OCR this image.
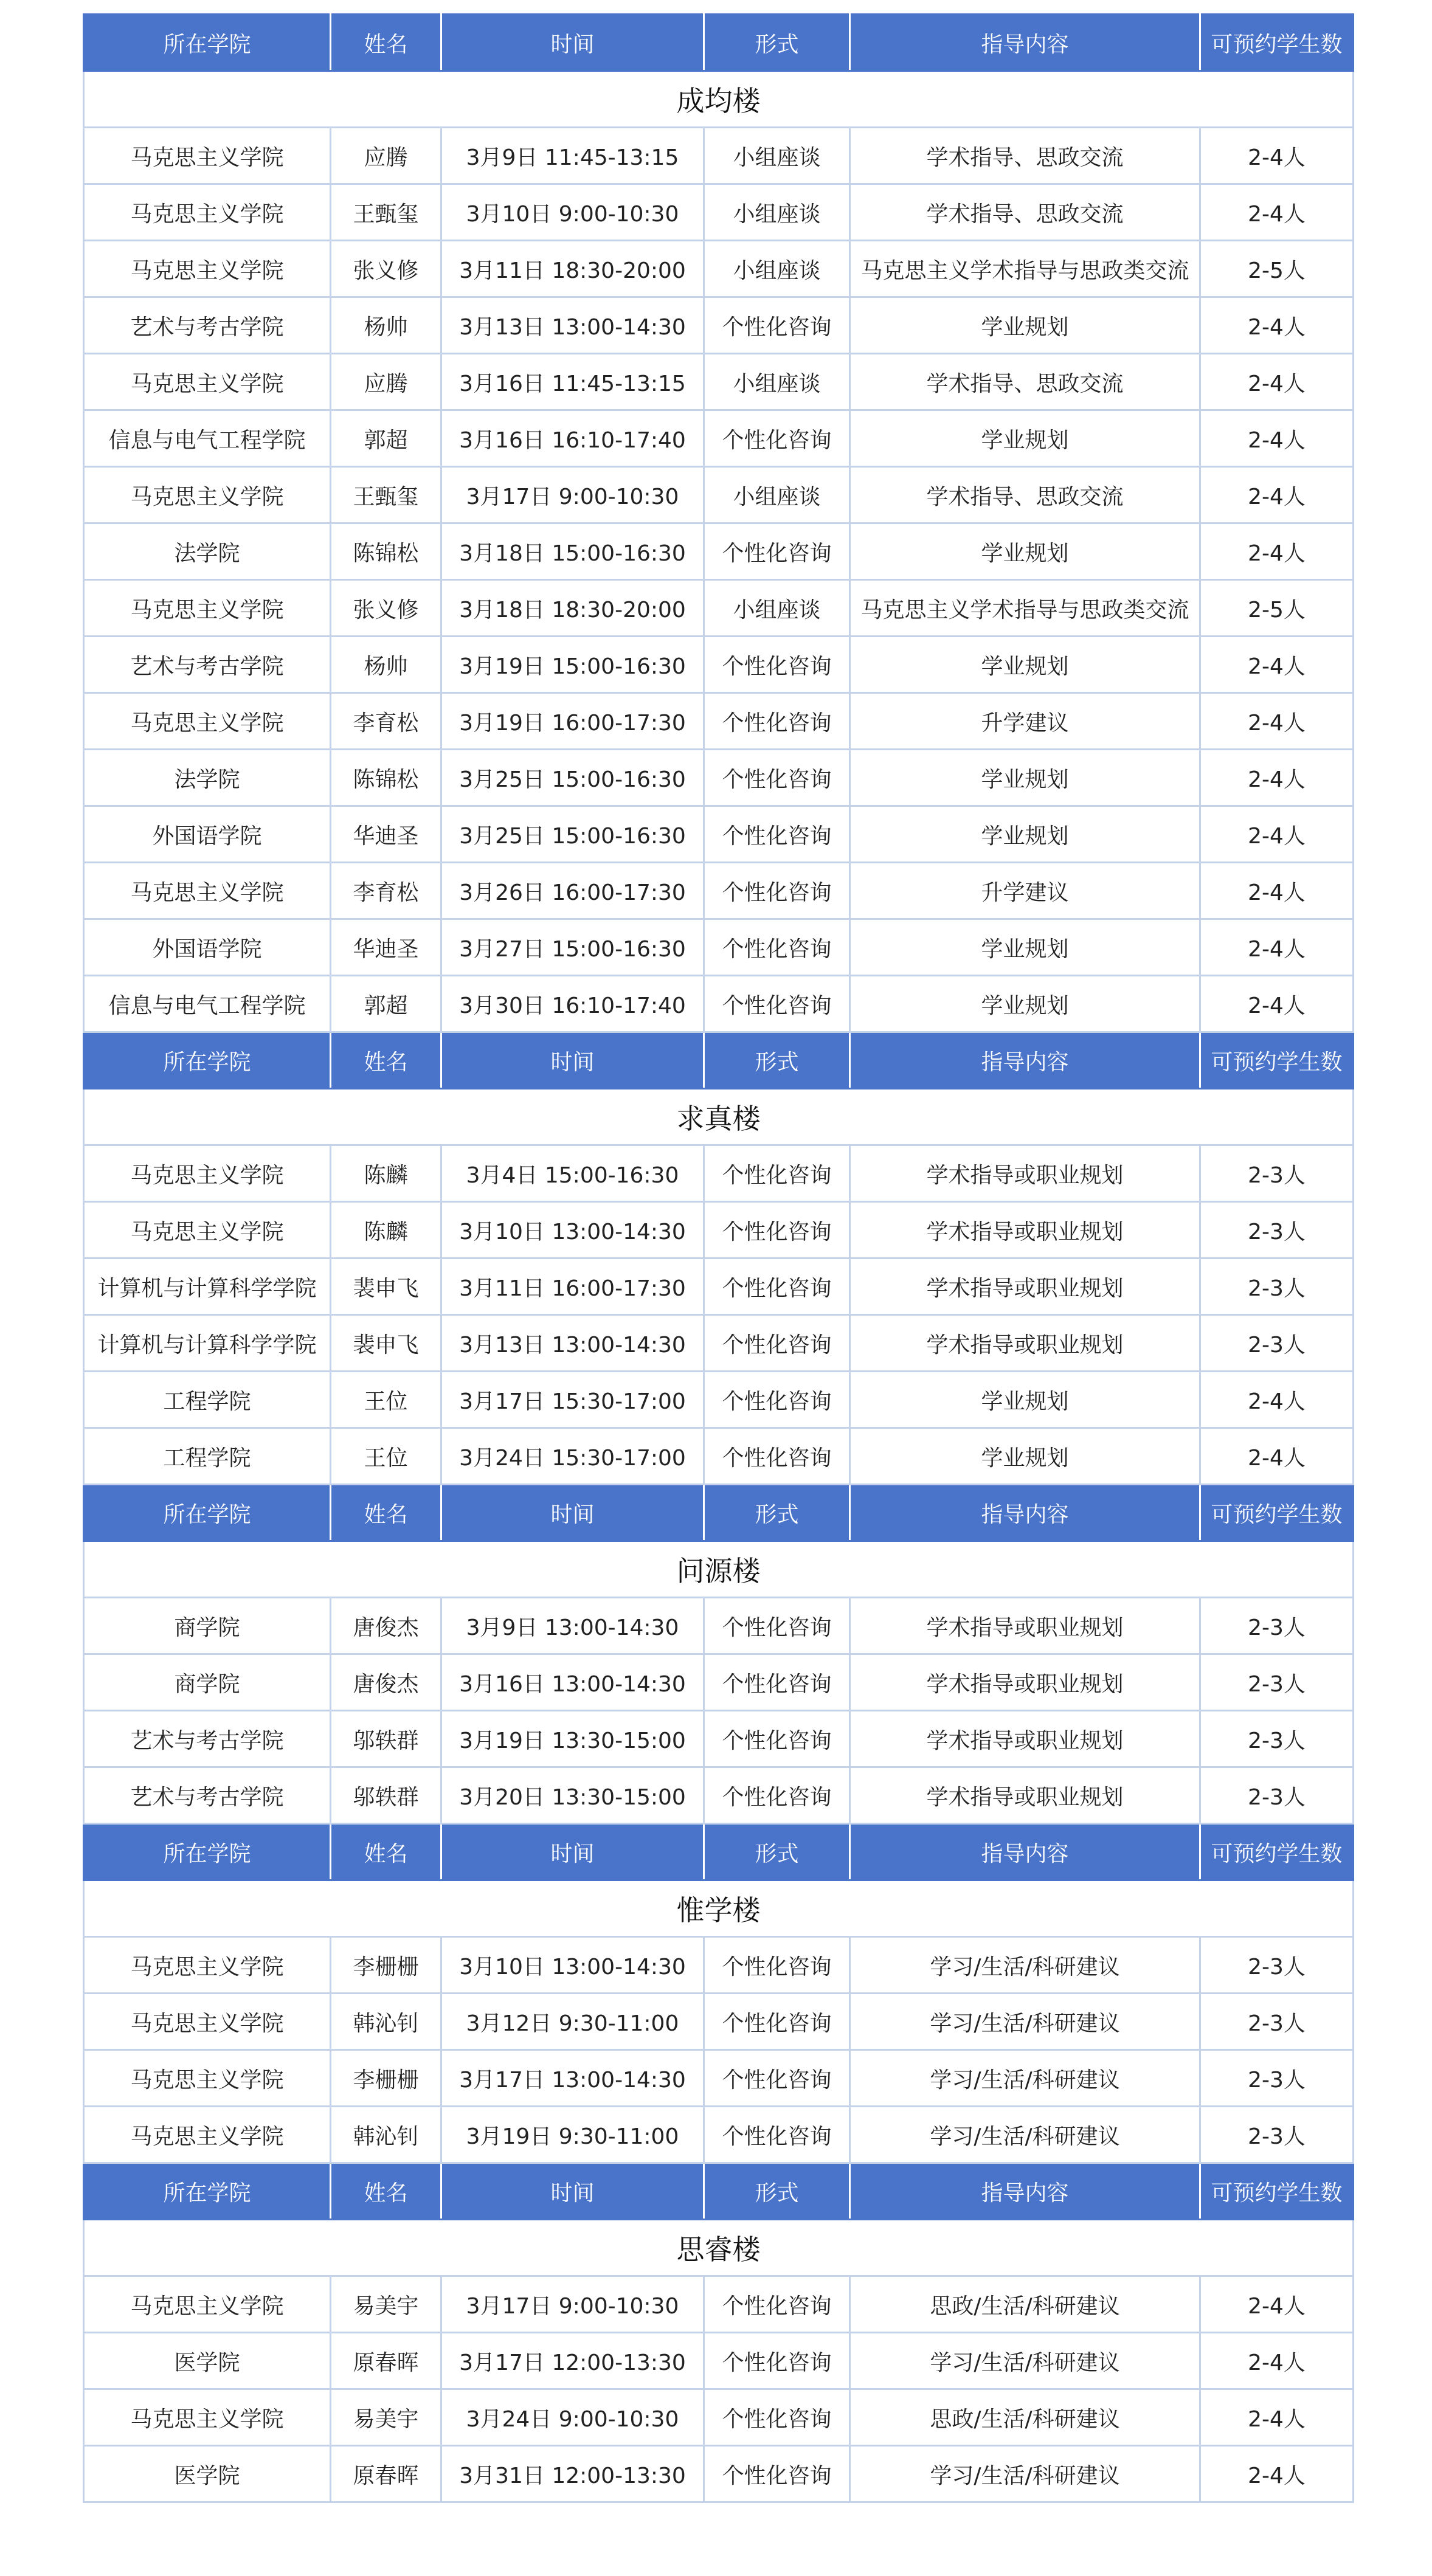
所在学院	姓名	时间	形式	指导内容	可预约学生数
成均楼					
马克思主义学院	应腾	3月9日 11:45-13:15	小组座谈	学术指导、思政交流	2-4人
马克思主义学院	王甄玺	3月10日 9:00-10:30	小组座谈	学术指导、思政交流	2-4人
马克思主义学院	张义修	3月11日 18:30-20:00	小组座谈	马克思主义学术指导与思政类交流	2-5人
艺术与考古学院	杨帅	3月13日 13:00-14:30	个性化咨询	学业规划	2-4人
马克思主义学院	应腾	3月16日 11:45-13:15	小组座谈	学术指导、思政交流	2-4人
信息与电气工程学院	郭超	3月16日 16:10-17:40	个性化咨询	学业规划	2-4人
马克思主义学院	王甄玺	3月17日 9:00-10:30	小组座谈	学术指导、思政交流	2-4人
法学院	陈锦松	3月18日 15:00-16:30	个性化咨询	学业规划	2-4人
马克思主义学院	张义修	3月18日 18:30-20:00	小组座谈	马克思主义学术指导与思政类交流	2-5人
艺术与考古学院	杨帅	3月19日 15:00-16:30	个性化咨询	学业规划	2-4人
马克思主义学院	李育松	3月19日 16:00-17:30	个性化咨询	升学建议	2-4人
法学院	陈锦松	3月25日 15:00-16:30	个性化咨询	学业规划	2-4人
外国语学院	华迪圣	3月25日 15:00-16:30	个性化咨询	学业规划	2-4人
马克思主义学院	李育松	3月26日 16:00-17:30	个性化咨询	升学建议	2-4人
外国语学院	华迪圣	3月27日 15:00-16:30	个性化咨询	学业规划	2-4人
信息与电气工程学院	郭超	3月30日 16:10-17:40	个性化咨询	学业规划	2-4人
所在学院	姓名	时间	形式	指导内容	可预约学生数
求真楼					
马克思主义学院	陈麟	3月4日 15:00-16:30	个性化咨询	学术指导或职业规划	2-3人
马克思主义学院	陈麟	3月10日 13:00-14:30	个性化咨询	学术指导或职业规划	2-3人
计算机与计算科学学院	裴申飞	3月11日 16:00-17:30	个性化咨询	学术指导或职业规划	2-3人
计算机与计算科学学院	裴申飞	3月13日 13:00-14:30	个性化咨询	学术指导或职业规划	2-3人
工程学院	王位	3月17日 15:30-17:00	个性化咨询	学业规划	2-4人
工程学院	王位	3月24日 15:30-17:00	个性化咨询	学业规划	2-4人
所在学院	姓名	时间	形式	指导内容	可预约学生数
问源楼					
商学院	唐俊杰	3月9日 13:00-14:30	个性化咨询	学术指导或职业规划	2-3人
商学院	唐俊杰	3月16日 13:00-14:30	个性化咨询	学术指导或职业规划	2-3人
艺术与考古学院	邬轶群	3月19日 13:30-15:00	个性化咨询	学术指导或职业规划	2-3人
艺术与考古学院	邬轶群	3月20日 13:30-15:00	个性化咨询	学术指导或职业规划	2-3人
所在学院	姓名	时间	形式	指导内容	可预约学生数
惟学楼					
马克思主义学院	李栅栅	3月10日 13:00-14:30	个性化咨询	学习/生活/科研建议	2-3人
马克思主义学院	韩沁钊	3月12日 9:30-11:00	个性化咨询	学习/生活/科研建议	2-3人
马克思主义学院	李栅栅	3月17日 13:00-14:30	个性化咨询	学习/生活/科研建议	2-3人
马克思主义学院	韩沁钊	3月19日 9:30-11:00	个性化咨询	学习/生活/科研建议	2-3人
所在学院	姓名	时间	形式	指导内容	可预约学生数
思睿楼					
马克思主义学院	易美宇	3月17日 9:00-10:30	个性化咨询	思政/生活/科研建议	2-4人
医学院	原春晖	3月17日 12:00-13:30	个性化咨询	学习/生活/科研建议	2-4人
马克思主义学院	易美宇	3月24日 9:00-10:30	个性化咨询	思政/生活/科研建议	2-4人
医学院	原春晖	3月31日 12:00-13:30	个性化咨询	学习/生活/科研建议	2-4人
